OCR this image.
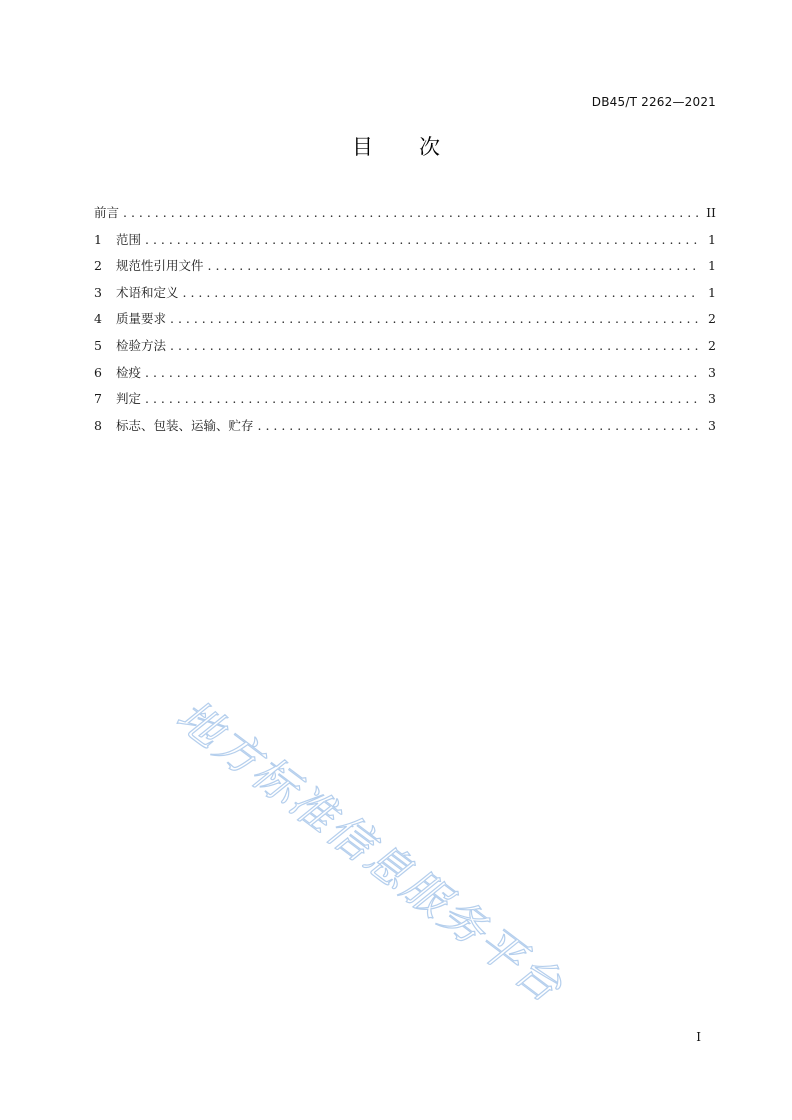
DB45/T 2262—2021
目次
前言 . . .	II
1	范围 . . .	1
2	规范性引用文件 . . .	1
3	术语和定义 . . .	1
4	质量要求 . . .	2
5	检验方法 . . .	2
6	检疫 . . .	3
7	判定 . . .	3
8	标志、包装、运输、贮存 . . .	3
地方标准信息服务平台
I
